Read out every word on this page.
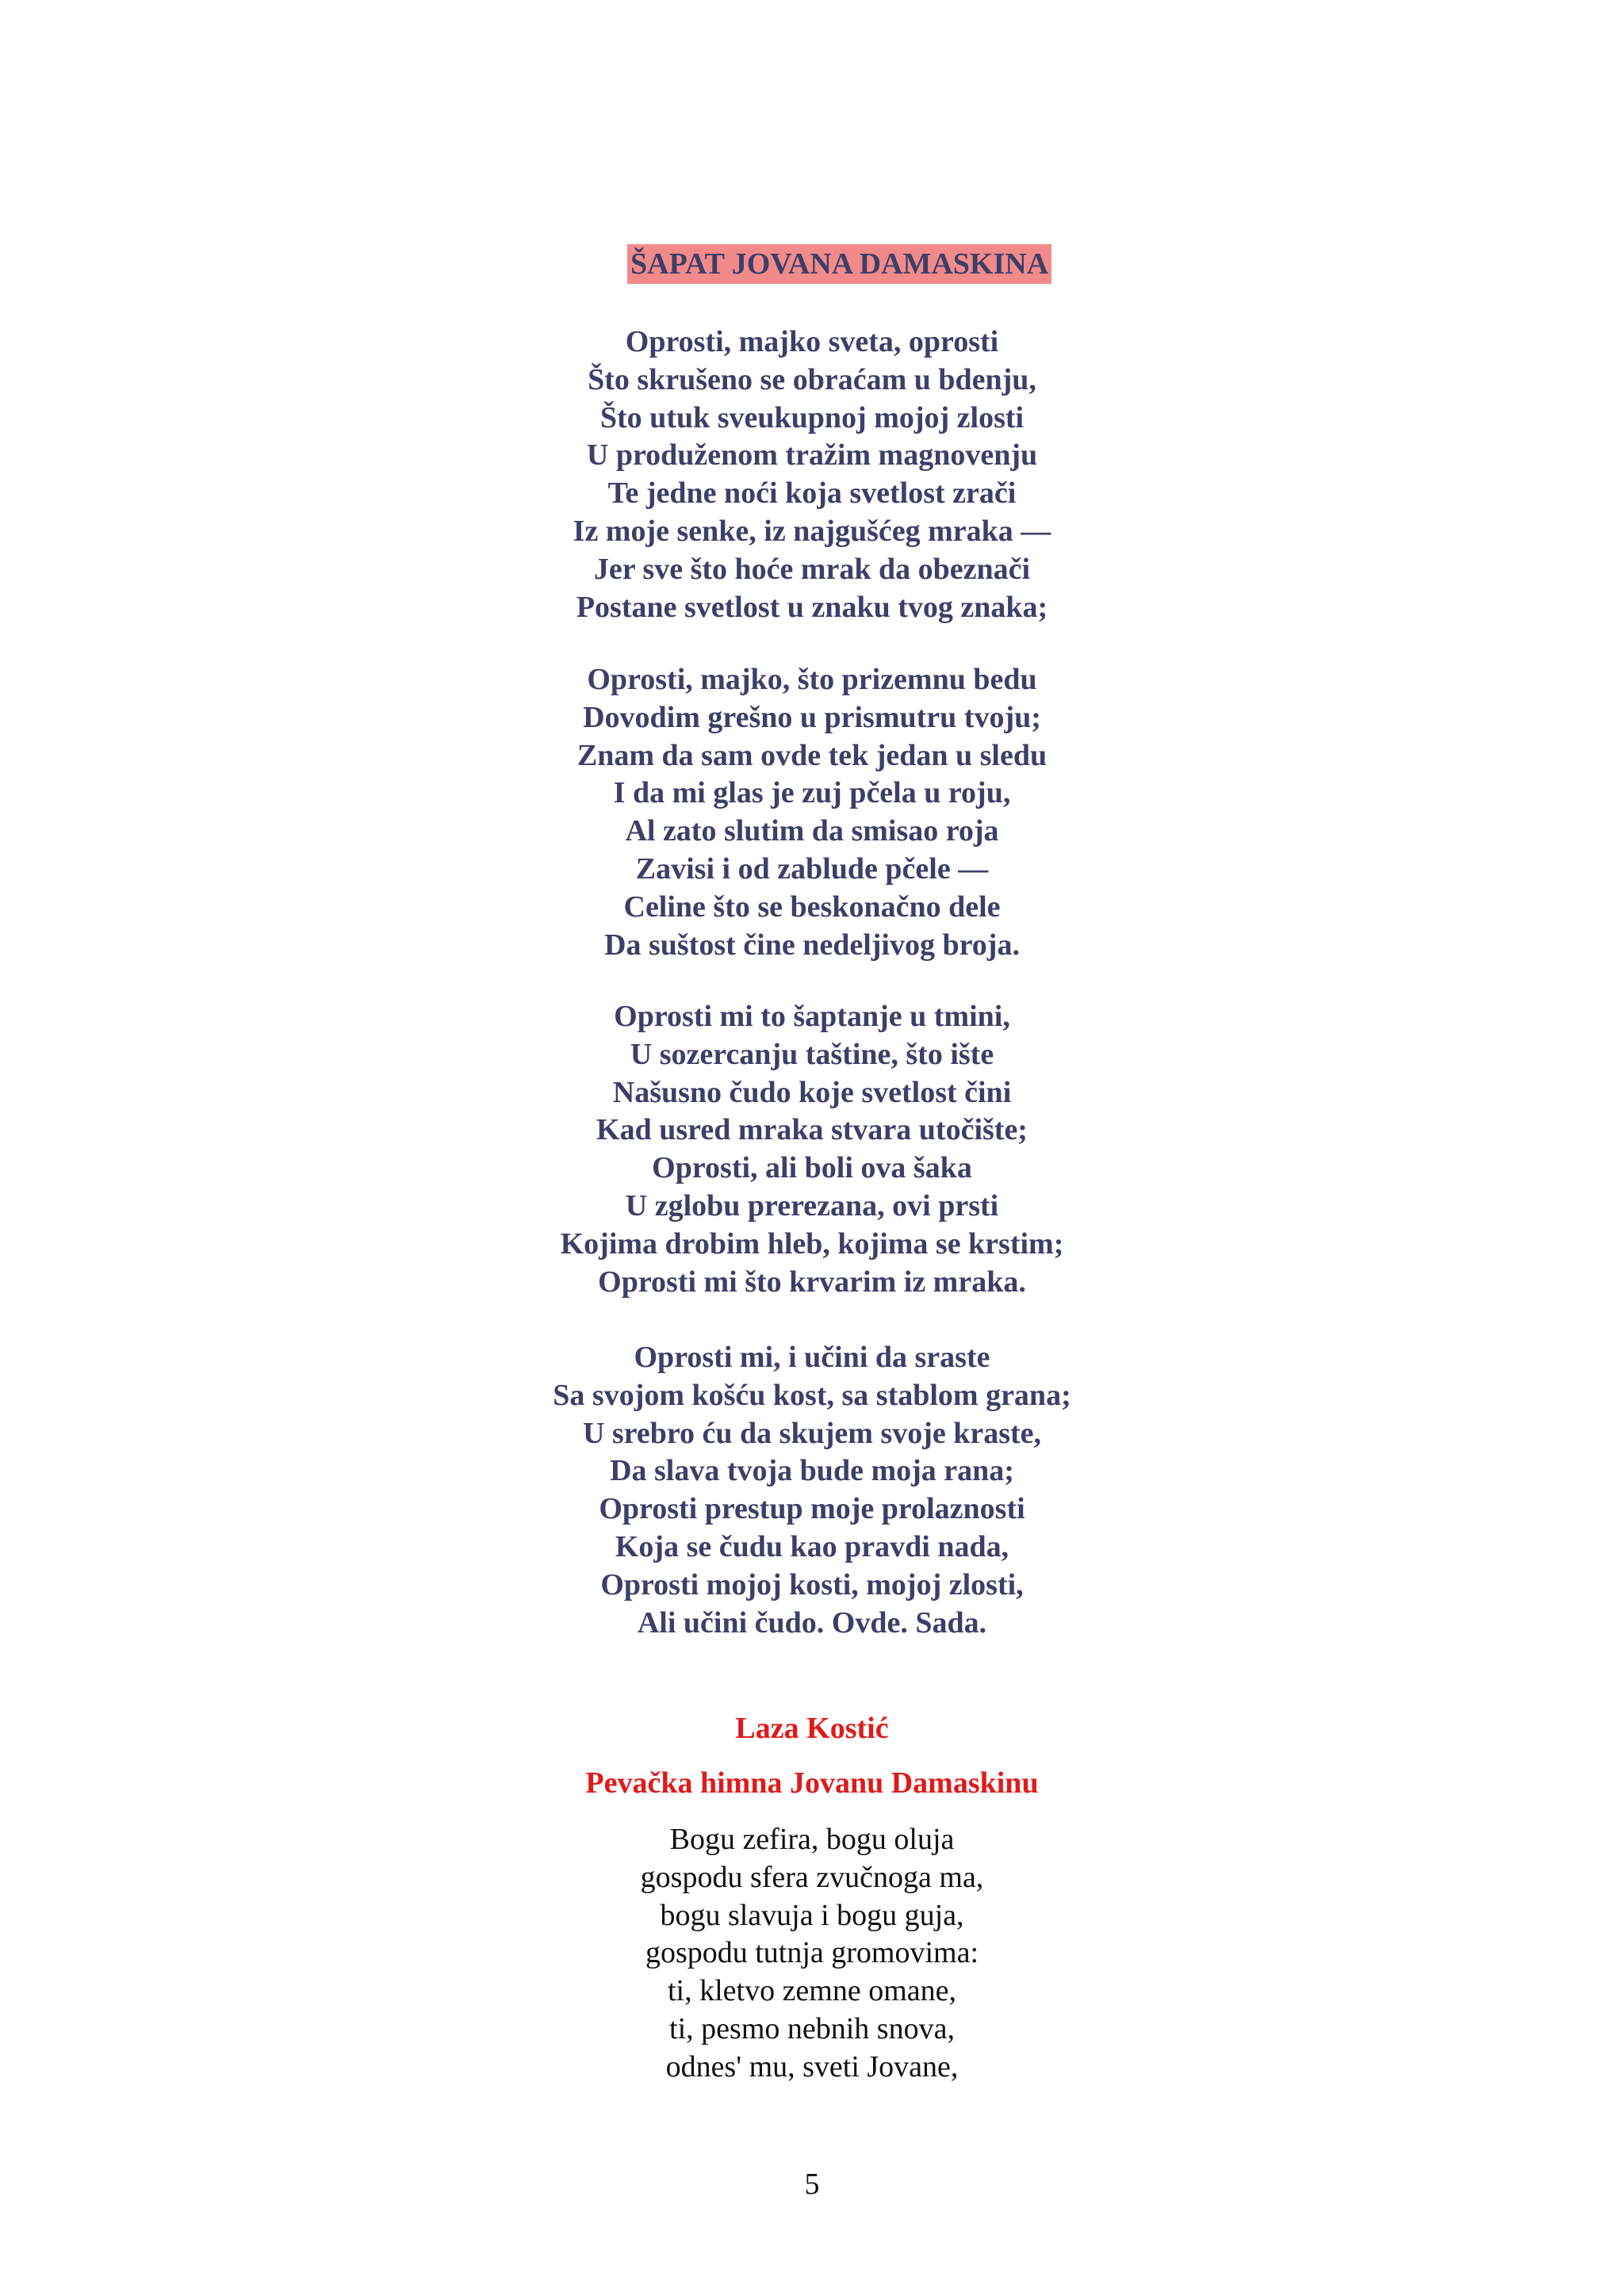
ŠAPAT JOVANA DAMASKINA
Oprosti, majko sveta, oprosti
Što skrušeno se obraćam u bdenju,
Što utuk sveukupnoj mojoj zlosti
U produženom tražim magnovenju
Te jedne noći koja svetlost zrači
Iz moje senke, iz najgušćeg mraka —
Jer sve što hoće mrak da obeznači
Postane svetlost u znaku tvog znaka;
Oprosti, majko, što prizemnu bedu
Dovodim grešno u prismutru tvoju;
Znam da sam ovde tek jedan u sledu
I da mi glas je zuj pčela u roju,
Al zato slutim da smisao roja
Zavisi i od zablude pčele —
Celine što se beskonačno dele
Da suštost čine nedeljivog broja.
Oprosti mi to šaptanje u tmini,
U sozercanju taštine, što išt​e
Našusno čudo koje svetlost čini
Kad usred mraka stvara utočište;
Oprosti, ali boli ova šaka
U zglobu prerezana, ovi prsti
Kojima drobim hleb, kojima se krstim;
Oprosti mi što krvarim iz mraka.
Oprosti mi, i učini da sraste
Sa svojom košću kost, sa stablom grana;
U srebro ću da skujem svoje kraste,
Da slava tvoja bude moja rana;
Oprosti prestup moje prolaznosti
Koja se čudu kao pravdi nada,
Oprosti mojoj kosti, mojoj zlosti,
Ali učini čudo. Ovde. Sada.
Laza Kostić
Pevačka himna Jovanu Damaskinu
Bogu zefira, bogu oluja
gospodu sfera zvučnoga ma,
bogu slavuja i bogu guja,
gospodu tutnja gromovima:
ti, kletvo zemne omane,
ti, pesmo nebnih snova,
odnes' mu, sveti Jovane,
5
